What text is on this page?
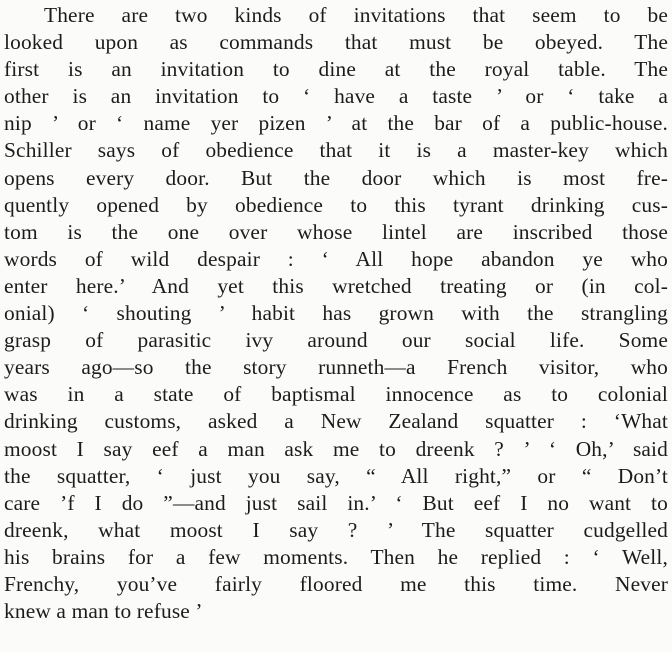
There are two kinds of invitations that seem to be
looked upon as commands that must be obeyed. The
first is an invitation to dine at the royal table. The
other is an invitation to ‘ have a taste ’ or ‘ take a
nip ’ or ‘ name yer pizen ’ at the bar of a public-house.
Schiller says of obedience that it is a master-key which
opens every door. But the door which is most fre-
quently opened by obedience to this tyrant drinking cus-
tom is the one over whose lintel are inscribed those
words of wild despair : ‘ All hope abandon ye who
enter here.’ And yet this wretched treating or (in col-
onial) ‘ shouting ’ habit has grown with the strangling
grasp of parasitic ivy around our social life. Some
years ago—so the story runneth—a French visitor, who
was in a state of baptismal innocence as to colonial
drinking customs, asked a New Zealand squatter : ‘What
moost I say eef a man ask me to dreenk ? ’ ‘ Oh,’ said
the squatter, ‘ just you say, “ All right,” or “ Don’t
care ’f I do ”—and just sail in.’ ‘ But eef I no want to
dreenk, what moost I say ? ’ The squatter cudgelled
his brains for a few moments. Then he replied : ‘ Well,
Frenchy, you’ve fairly floored me this time. Never
knew a man to refuse ’
